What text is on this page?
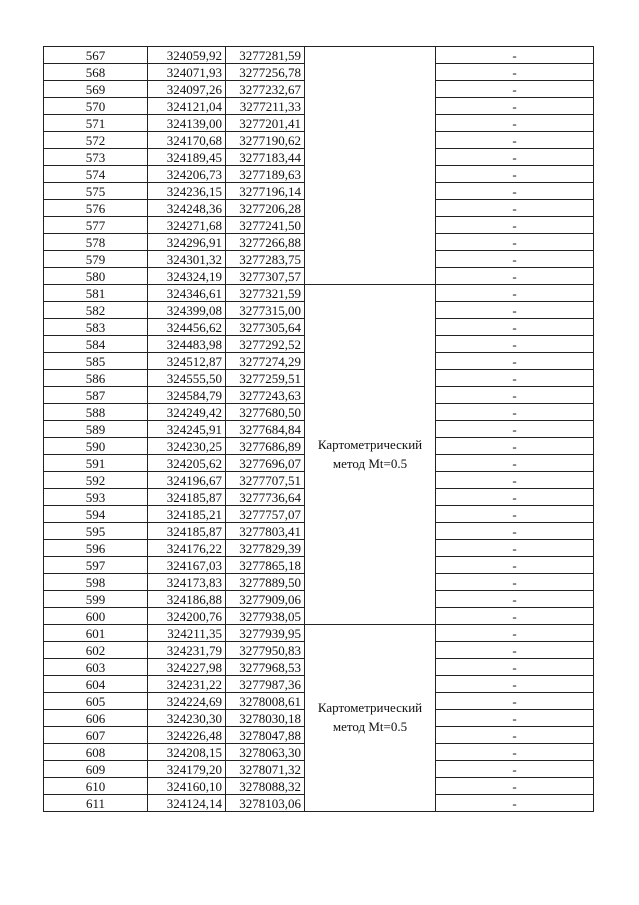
567	324059,92	3277281,59		-
568	324071,93	3277256,78		-
569	324097,26	3277232,67		-
570	324121,04	3277211,33		-
571	324139,00	3277201,41		-
572	324170,68	3277190,62		-
573	324189,45	3277183,44		-
574	324206,73	3277189,63		-
575	324236,15	3277196,14		-
576	324248,36	3277206,28		-
577	324271,68	3277241,50		-
578	324296,91	3277266,88		-
579	324301,32	3277283,75		-
580	324324,19	3277307,57		-
581	324346,61	3277321,59	Картометрический метод Mt=0.5	-
582	324399,08	3277315,00		-
583	324456,62	3277305,64		-
584	324483,98	3277292,52		-
585	324512,87	3277274,29		-
586	324555,50	3277259,51		-
587	324584,79	3277243,63		-
588	324249,42	3277680,50		-
589	324245,91	3277684,84		-
590	324230,25	3277686,89		-
591	324205,62	3277696,07		-
592	324196,67	3277707,51		-
593	324185,87	3277736,64		-
594	324185,21	3277757,07		-
595	324185,87	3277803,41		-
596	324176,22	3277829,39		-
597	324167,03	3277865,18		-
598	324173,83	3277889,50		-
599	324186,88	3277909,06		-
600	324200,76	3277938,05		-
601	324211,35	3277939,95	Картометрический метод Mt=0.5	-
602	324231,79	3277950,83		-
603	324227,98	3277968,53		-
604	324231,22	3277987,36		-
605	324224,69	3278008,61		-
606	324230,30	3278030,18		-
607	324226,48	3278047,88		-
608	324208,15	3278063,30		-
609	324179,20	3278071,32		-
610	324160,10	3278088,32		-
611	324124,14	3278103,06		-
